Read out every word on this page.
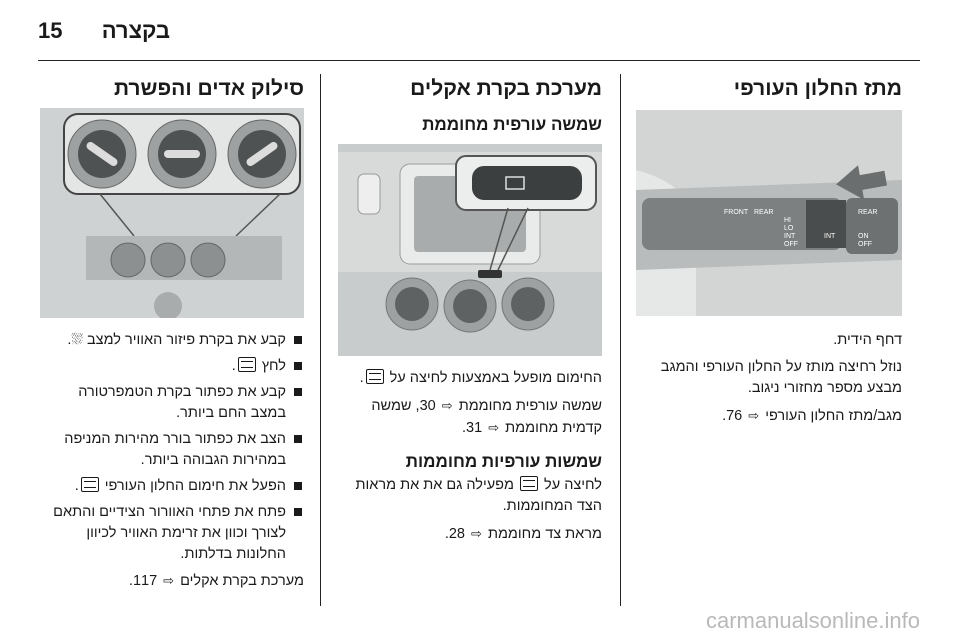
15 בקצרה
מתז החלון העורפי
FRONT REAR
HI
LO
INT
OFF
INT
REAR
ON
OFF

דחף הידית.

נוזל רחיצה מותז על החלון העורפי והמגב מבצע מספר מחזורי ניגוב.

מגב/מתז החלון העורפי ⇨ 76.

מערכת בקרת אקלים
שמשה עורפית מחוממת

החימום מופעל באמצעות לחיצה על .

שמשה עורפית מחוממת ⇨ 30, שמשה קדמית מחוממת ⇨ 31.

שמשות עורפיות מחוממות

לחיצה על  מפעילה גם את את מראות הצד המחוממות.

מראת צד מחוממת ⇨ 28.

סילוק אדים והפשרת
קבע את בקרת פיזור האוויר למצב ⛆.
לחץ .
קבע את כפתור בקרת הטמפרטורה במצב החם ביותר.
הצב את כפתור בורר מהירות המניפה במהירות הגבוהה ביותר.
הפעל את חימום החלון העורפי .
פתח את פתחי האוורור הצידיים והתאם לצורך וכוון את זרימת האוויר לכיוון החלונות בדלתות.

מערכת בקרת אקלים ⇨ 117.

carmanualsonline.info
